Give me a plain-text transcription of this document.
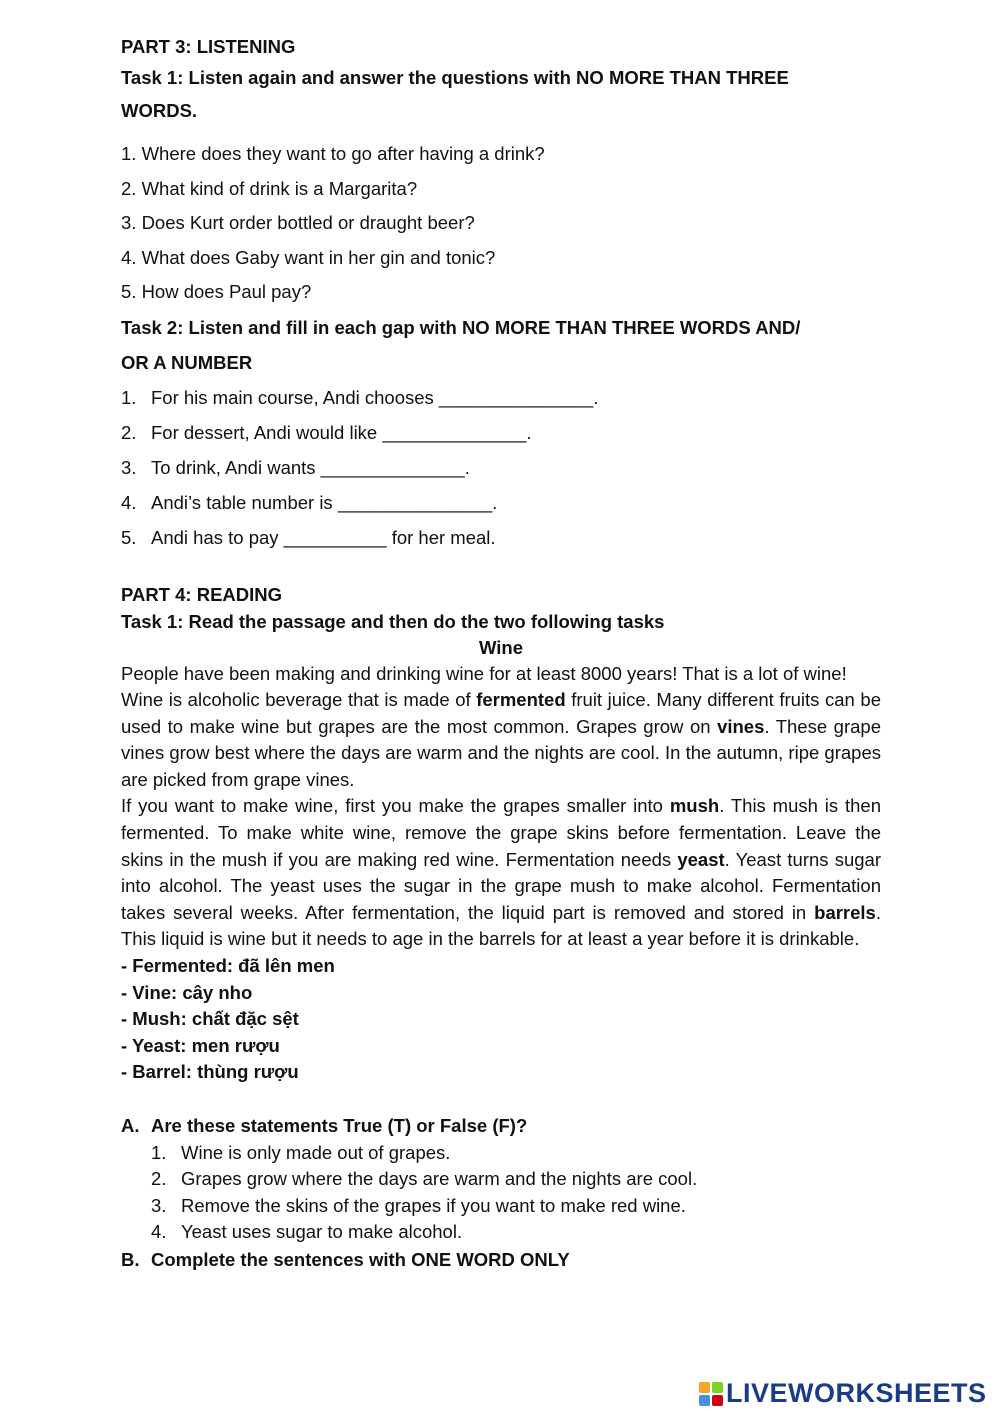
PART 3: LISTENING

Task 1: Listen again and answer the questions with NO MORE THAN THREE
WORDS.

1. Where does they want to go after having a drink?

2. What kind of drink is a Margarita?

3. Does Kurt order bottled or draught beer?

4. What does Gaby want in her gin and tonic?

5. How does Paul pay?

Task 2: Listen and fill in each gap with NO MORE THAN THREE WORDS AND/
OR A NUMBER

1. For his main course, Andi chooses _______________.
2. For dessert, Andi would like ______________.
3. To drink, Andi wants ______________.
4. Andi’s table number is _______________.
5. Andi has to pay __________ for her meal.

PART 4: READING

Task 1: Read the passage and then do the two following tasks

Wine

People have been making and drinking wine for at least 8000 years! That is a lot of wine!

Wine is alcoholic beverage that is made of fermented fruit juice. Many different fruits can be used to make wine but grapes are the most common. Grapes grow on vines. These grape vines grow best where the days are warm and the nights are cool. In the autumn, ripe grapes are picked from grape vines.

If you want to make wine, first you make the grapes smaller into mush. This mush is then fermented. To make white wine, remove the grape skins before fermentation. Leave the skins in the mush if you are making red wine. Fermentation needs yeast. Yeast turns sugar into alcohol. The yeast uses the sugar in the grape mush to make alcohol. Fermentation takes several weeks. After fermentation, the liquid part is removed and stored in barrels. This liquid is wine but it needs to age in the barrels for at least a year before it is drinkable.

- Fermented: đã lên men

- Vine: cây nho

- Mush: chất đặc sệt

- Yeast: men rượu

- Barrel: thùng rượu

A. Are these statements True (T) or False (F)?
1. Wine is only made out of grapes.
2. Grapes grow where the days are warm and the nights are cool.
3. Remove the skins of the grapes if you want to make red wine.
4. Yeast uses sugar to make alcohol.
B. Complete the sentences with ONE WORD ONLY
LIVEWORKSHEETS
